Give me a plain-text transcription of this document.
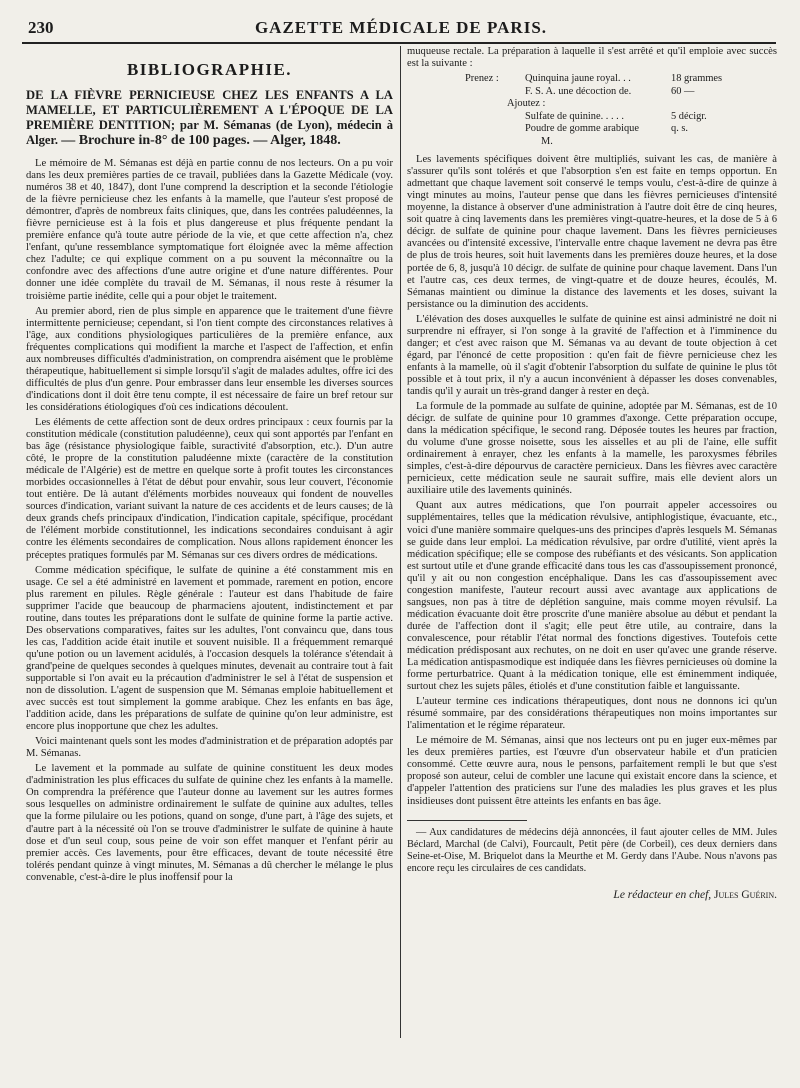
230	GAZETTE MÉDICALE DE PARIS.
BIBLIOGRAPHIE.
DE LA FIÈVRE PERNICIEUSE CHEZ LES ENFANTS A LA MAMELLE, ET PARTICULIÈREMENT A L'ÉPOQUE DE LA PREMIÈRE DENTITION; par M. Sémanas (de Lyon), médecin à Alger. — Brochure in-8° de 100 pages. — Alger, 1848.

Le mémoire de M. Sémanas est déjà en partie connu de nos lecteurs. On a pu voir dans les deux premières parties de ce travail, publiées dans la Gazette Médicale (voy. numéros 38 et 40, 1847), dont l'une comprend la description et la seconde l'étiologie de la fièvre pernicieuse chez les enfants à la mamelle, que l'auteur s'est proposé de démontrer, d'après de nombreux faits cliniques, que, dans les contrées paludéennes, la fièvre pernicieuse est à la fois et plus dangereuse et plus fréquente pendant la première enfance qu'à toute autre période de la vie, et que cette affection n'a, chez l'enfant, qu'une ressemblance symptomatique fort éloignée avec la même affection chez l'adulte; ce qui explique comment on a pu souvent la méconnaître ou la confondre avec des affections d'une autre origine et d'une nature différentes. Pour donner une idée complète du travail de M. Sémanas, il nous reste à résumer la troisième partie inédite, celle qui a pour objet le traitement.

Au premier abord, rien de plus simple en apparence que le traitement d'une fièvre intermittente pernicieuse; cependant, si l'on tient compte des circonstances relatives à l'âge, aux conditions physiologiques particulières de la première enfance, aux fréquentes complications qui modifient la marche et l'aspect de l'affection, et enfin aux nombreuses difficultés d'administration, on comprendra aisément que le problème thérapeutique, habituellement si simple lorsqu'il s'agit de malades adultes, offre ici des difficultés de plus d'un genre. Pour embrasser dans leur ensemble les diverses sources d'indications dont il doit être tenu compte, il est nécessaire de faire un bref retour sur les considérations étiologiques d'où ces indications découlent.

Les éléments de cette affection sont de deux ordres principaux : ceux fournis par la constitution médicale (constitution paludéenne), ceux qui sont apportés par l'enfant en bas âge (résistance physiologique faible, suractivité d'absorption, etc.). D'un autre côté, le propre de la constitution paludéenne mixte (caractère de la constitution médicale de l'Algérie) est de mettre en quelque sorte à profit toutes les circonstances morbides occasionnelles à l'état de début pour envahir, sous leur couvert, l'économie tout entière. De là autant d'éléments morbides nouveaux qui fondent de nouvelles sources d'indication, variant suivant la nature de ces accidents et de leurs causes; de là deux grands chefs principaux d'indication, l'indication capitale, spécifique, procédant de l'élément morbide constitutionnel, les indications secondaires conduisant à agir contre les éléments secondaires de complication. Nous allons rapidement énoncer les préceptes pratiques formulés par M. Sémanas sur ces divers ordres de médications.

Comme médication spécifique, le sulfate de quinine a été constamment mis en usage. Ce sel a été administré en lavement et pommade, rarement en potion, encore plus rarement en pilules. Règle générale : l'auteur est dans l'habitude de faire supprimer l'acide que beaucoup de pharmaciens ajoutent, indistinctement et par routine, dans toutes les préparations dont le sulfate de quinine forme la partie active. Des observations comparatives, faites sur les adultes, l'ont convaincu que, dans tous les cas, l'addition acide était inutile et souvent nuisible. Il a fréquemment remarqué qu'une potion ou un lavement acidulés, à l'occasion desquels la tolérance s'étendait à grand'peine de quelques secondes à quelques minutes, devenait au contraire tout à fait supportable si l'on avait eu la précaution d'administrer le sel à l'état de suspension et non de dissolution. L'agent de suspension que M. Sémanas emploie habituellement et avec succès est tout simplement la gomme arabique. Chez les enfants en bas âge, l'addition acide, dans les préparations de sulfate de quinine qu'on leur administre, est encore plus inopportune que chez les adultes.

Voici maintenant quels sont les modes d'administration et de préparation adoptés par M. Sémanas.

Le lavement et la pommade au sulfate de quinine constituent les deux modes d'administration les plus efficaces du sulfate de quinine chez les enfants à la mamelle. On comprendra la préférence que l'auteur donne au lavement sur les autres formes sous lesquelles on administre ordinairement le sulfate de quinine aux adultes, telles que la forme pilulaire ou les potions, quand on songe, d'une part, à l'âge des sujets, et d'autre part à la nécessité où l'on se trouve d'administrer le sulfate de quinine à haute dose et d'un seul coup, sous peine de voir son effet manquer et l'enfant périr au premier accès. Ces lavements, pour être efficaces, devant de toute nécessité être tolérés pendant quinze à vingt minutes, M. Sémanas a dû chercher le mélange le plus convenable, c'est-à-dire le plus inoffensif pour la

muqueuse rectale. La préparation à laquelle il s'est arrêté et qu'il emploie avec succès est la suivante :

Prenez :	Quinquina jaune royal. . .	18 grammes
F. S. A. une décoction de.	60 —
Ajoutez :
Sulfate de quinine. . . . .	5 décigr.
Poudre de gomme arabique	q. s.
M.

Les lavements spécifiques doivent être multipliés, suivant les cas, de manière à s'assurer qu'ils sont tolérés et que l'absorption s'en est faite en temps opportun. En admettant que chaque lavement soit conservé le temps voulu, c'est-à-dire de quinze à vingt minutes au moins, l'auteur pense que dans les fièvres pernicieuses d'intensité moyenne, la distance à observer d'une administration à l'autre doit être de cinq heures, soit quatre à cinq lavements dans les premières vingt-quatre-heures, et la dose de 5 à 6 décigr. de sulfate de quinine pour chaque lavement. Dans les fièvres pernicieuses avancées ou d'intensité excessive, l'intervalle entre chaque lavement ne devra pas être de plus de trois heures, soit huit lavements dans les premières douze heures, et la dose portée de 6, 8, jusqu'à 10 décigr. de sulfate de quinine pour chaque lavement. Dans l'un et l'autre cas, ces deux termes, de vingt-quatre et de douze heures, écoulés, M. Sémanas maintient ou diminue la distance des lavements et les doses, suivant la persistance ou la diminution des accidents.

L'élévation des doses auxquelles le sulfate de quinine est ainsi administré ne doit ni surprendre ni effrayer, si l'on songe à la gravité de l'affection et à l'imminence du danger; et c'est avec raison que M. Sémanas va au devant de toute objection à cet égard, par l'énoncé de cette proposition : qu'en fait de fièvre pernicieuse chez les enfants à la mamelle, où il s'agit d'obtenir l'absorption du sulfate de quinine le plus tôt possible et à tout prix, il n'y a aucun inconvénient à dépasser les doses convenables, tandis qu'il y aurait un très-grand danger à rester en deçà.

La formule de la pommade au sulfate de quinine, adoptée par M. Sémanas, est de 10 décigr. de sulfate de quinine pour 10 grammes d'axonge. Cette préparation occupe, dans la médication spécifique, le second rang. Déposée toutes les heures par fraction, du volume d'une grosse noisette, sous les aisselles et au pli de l'aine, elle suffit ordinairement à enrayer, chez les enfants à la mamelle, les paroxysmes fébriles simples, c'est-à-dire dépourvus de caractère pernicieux. Dans les fièvres avec caractère pernicieux, cette médication seule ne saurait suffire, mais elle devient alors un auxiliaire utile des lavements quininés.

Quant aux autres médications, que l'on pourrait appeler accessoires ou supplémentaires, telles que la médication révulsive, antiphlogistique, évacuante, etc., voici d'une manière sommaire quelques-uns des principes d'après lesquels M. Sémanas se guide dans leur emploi. La médication révulsive, par ordre d'utilité, vient après la médication spécifique; elle se compose des rubéfiants et des vésicants. Son application est surtout utile et d'une grande efficacité dans tous les cas d'assoupissement prononcé, qu'il y ait ou non congestion encéphalique. Dans les cas d'assoupissement avec congestion manifeste, l'auteur recourt aussi avec avantage aux applications de sangsues, non pas à titre de déplétion sanguine, mais comme moyen révulsif. La médication évacuante doit être proscrite d'une manière absolue au début et pendant la durée de l'affection dont il s'agit; elle peut être utile, au contraire, dans la convalescence, pour rétablir l'état normal des fonctions digestives. Toutefois cette médication prédisposant aux rechutes, on ne doit en user qu'avec une grande réserve. La médication antispasmodique est indiquée dans les fièvres pernicieuses où domine la forme perturbatrice. Quant à la médication tonique, elle est éminemment indiquée, surtout chez les sujets pâles, étiolés et d'une constitution faible et languissante.

L'auteur termine ces indications thérapeutiques, dont nous ne donnons ici qu'un résumé sommaire, par des considérations thérapeutiques non moins importantes sur l'alimentation et le régime réparateur.

Le mémoire de M. Sémanas, ainsi que nos lecteurs ont pu en juger eux-mêmes par les deux premières parties, est l'œuvre d'un observateur habile et d'un praticien consommé. Cette œuvre aura, nous le pensons, parfaitement rempli le but que s'est proposé son auteur, celui de combler une lacune qui existait encore dans la science, et d'appeler l'attention des praticiens sur l'une des maladies les plus graves et les plus insidieuses dont puissent être atteints les enfants en bas âge.

— Aux candidatures de médecins déjà annoncées, il faut ajouter celles de MM. Jules Béclard, Marchal (de Calvi), Fourcault, Petit père (de Corbeil), ces deux derniers dans Seine-et-Oise, M. Briquelot dans la Meurthe et M. Gerdy dans l'Aube. Nous n'avons pas encore reçu les circulaires de ces candidats.
Le rédacteur en chef, Jules Guérin.
